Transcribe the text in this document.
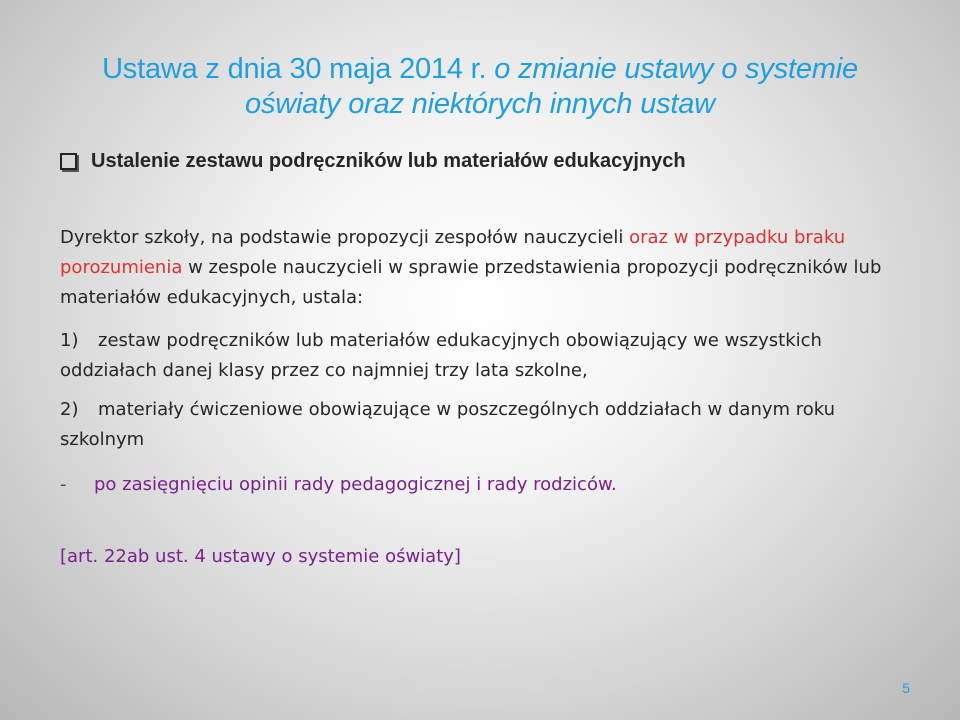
Ustawa z dnia 30 maja 2014 r. o zmianie ustawy o systemie
oświaty oraz niektórych innych ustaw
Ustalenie zestawu podręczników lub materiałów edukacyjnych
Dyrektor szkoły, na podstawie propozycji zespołów nauczycieli oraz w przypadku braku porozumienia w zespole nauczycieli w sprawie przedstawienia propozycji podręczników lub materiałów edukacyjnych, ustala:
1)	zestaw podręczników lub materiałów edukacyjnych obowiązujący we wszystkich oddziałach danej klasy przez co najmniej trzy lata szkolne,
2)	materiały ćwiczeniowe obowiązujące w poszczególnych oddziałach w danym roku szkolnym
-	po zasięgnięciu opinii rady pedagogicznej i rady rodziców.
[art. 22ab ust. 4 ustawy o systemie oświaty]
5
